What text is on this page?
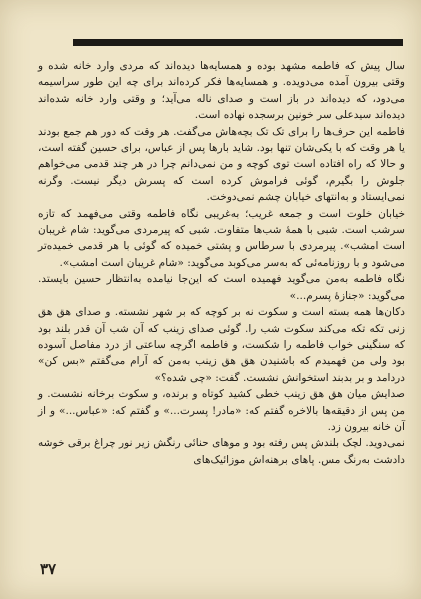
سال پیش که فاطمه مشهد بوده و همسایه‌ها دیده‌اند که مردی وارد خانه شده و وقتی بیرون آمده می‌دویده. و همسایه‌ها فکر کرده‌اند برای چه این طور سراسیمه می‌دود، که دیده‌اند در باز است و صدای ناله می‌آید؛ و وقتی وارد خانه شده‌اند دیده‌اند سیدعلی سر خونین برسجده نهاده است.

فاطمه این حرف‌ها را برای تک تک بچه‌هاش می‌گفت. هر وقت که دور هم جمع بودند یا هر وقت که با یکی‌شان تنها بود. شاید بارها پس از عباس، برای حسین گفته است، و حالا که راه افتاده است توی کوچه و من نمی‌دانم چرا در هر چند قدمی می‌خواهم جلوش را بگیرم، گوئی فراموش کرده است که پسرش دیگر نیست. وگرنه نمی‌ایستاد و به‌انتهای خیابان چشم نمی‌دوخت.

خیابان خلوت است و جمعه غریب؛ به‌غریبی نگاه فاطمه وقتی می‌فهمد که تازه سرشب است. شبی با همهٔ شب‌ها متفاوت. شبی که پیرمردی می‌گوید: شام غریبان است امشب». پیرمردی با سرطاس و پشتی خمیده که گوئی با هر قدمی خمیده‌تر می‌شود و با روزنامه‌ئی که به‌سر می‌کوبد می‌گوید: «شام غریبان است امشب».

نگاه فاطمه به‌من می‌گوید فهمیده است که این‌جا نیامده به‌انتظار حسین بایستد. می‌گوید: «جنازهٔ پسرم...»

دکان‌ها همه بسته است و سکوت نه بر کوچه که بر شهر نشسته. و صدای هق هق زنی تکه تکه می‌کند سکوت شب را. گوئی صدای زینب که آن شب آن قدر بلند بود که سنگینی خواب فاطمه را شکست، و فاطمه اگرچه ساعتی از درد مفاصل آسوده بود ولی من فهمیدم که باشنیدن هق هق زینب به‌من که آرام می‌گفتم «بس کن» دردامد و بر بدبند استخوانش نشست. گفت: «چی شده؟»

صدایش میان هق هق زینب خطی کشید کوتاه و برنده، و سکوت برخانه نشست. و من پس از دقیقه‌ها بالاخره گفتم که: «مادر! پسرت...» و گفتم که: «عباس...» و از آن خانه بیرون زد.

نمی‌دوید. لچک بلندش پس رفته بود و موهای حنائی رنگش زیر نور چراغ برقی خوشه دادشت به‌رنگ مس. پاهای برهنه‌اش موزائیک‌های

۳۷
